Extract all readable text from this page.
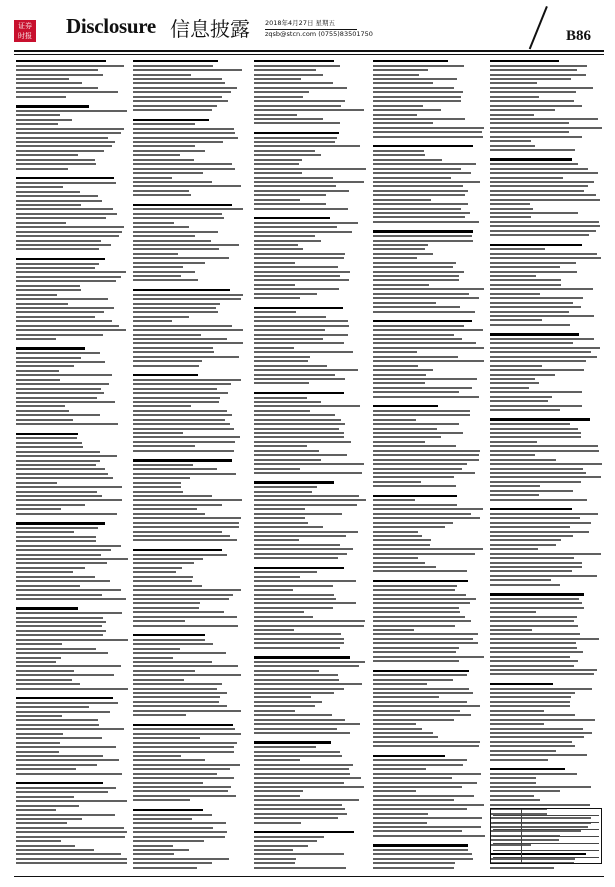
证券
时报 Disclosure 信息披露 2018年4月27日 星期五
zqsb@stcn.com (0755)83501750	B86
